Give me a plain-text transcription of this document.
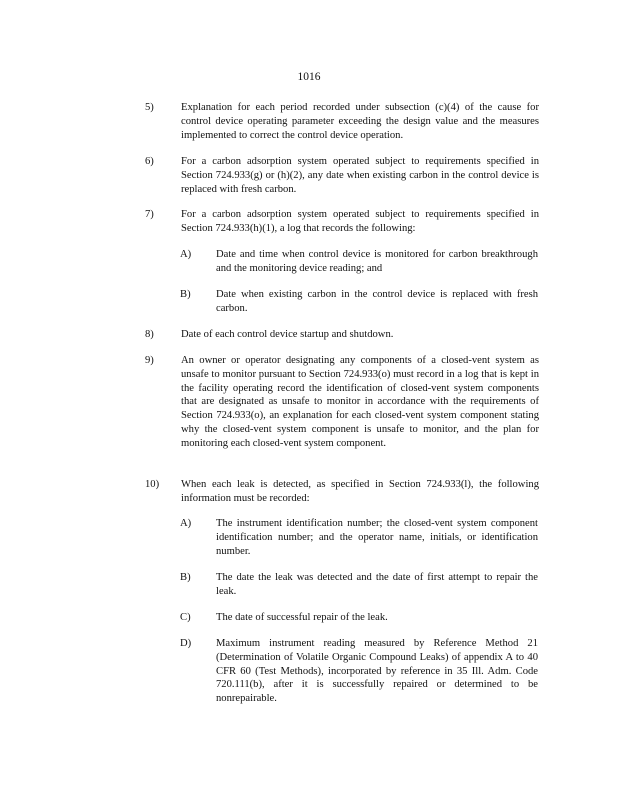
1016
5)	Explanation for each period recorded under subsection (c)(4) of the cause for control device operating parameter exceeding the design value and the measures implemented to correct the control device operation.
6)	For a carbon adsorption system operated subject to requirements specified in Section 724.933(g) or (h)(2), any date when existing carbon in the control device is replaced with fresh carbon.
7)	For a carbon adsorption system operated subject to requirements specified in Section 724.933(h)(1), a log that records the following:
A) Date and time when control device is monitored for carbon breakthrough and the monitoring device reading; and
B) Date when existing carbon in the control device is replaced with fresh carbon.
8)	Date of each control device startup and shutdown.
9)	An owner or operator designating any components of a closed-vent system as unsafe to monitor pursuant to Section 724.933(o) must record in a log that is kept in the facility operating record the identification of closed-vent system components that are designated as unsafe to monitor in accordance with the requirements of Section 724.933(o), an explanation for each closed-vent system component stating why the closed-vent system component is unsafe to monitor, and the plan for monitoring each closed-vent system component.
10) When each leak is detected, as specified in Section 724.933(l), the following information must be recorded:
A) The instrument identification number; the closed-vent system component identification number; and the operator name, initials, or identification number.
B) The date the leak was detected and the date of first attempt to repair the leak.
C) The date of successful repair of the leak.
D) Maximum instrument reading measured by Reference Method 21 (Determination of Volatile Organic Compound Leaks) of appendix A to 40 CFR 60 (Test Methods), incorporated by reference in 35 Ill. Adm. Code 720.111(b), after it is successfully repaired or determined to be nonrepairable.
